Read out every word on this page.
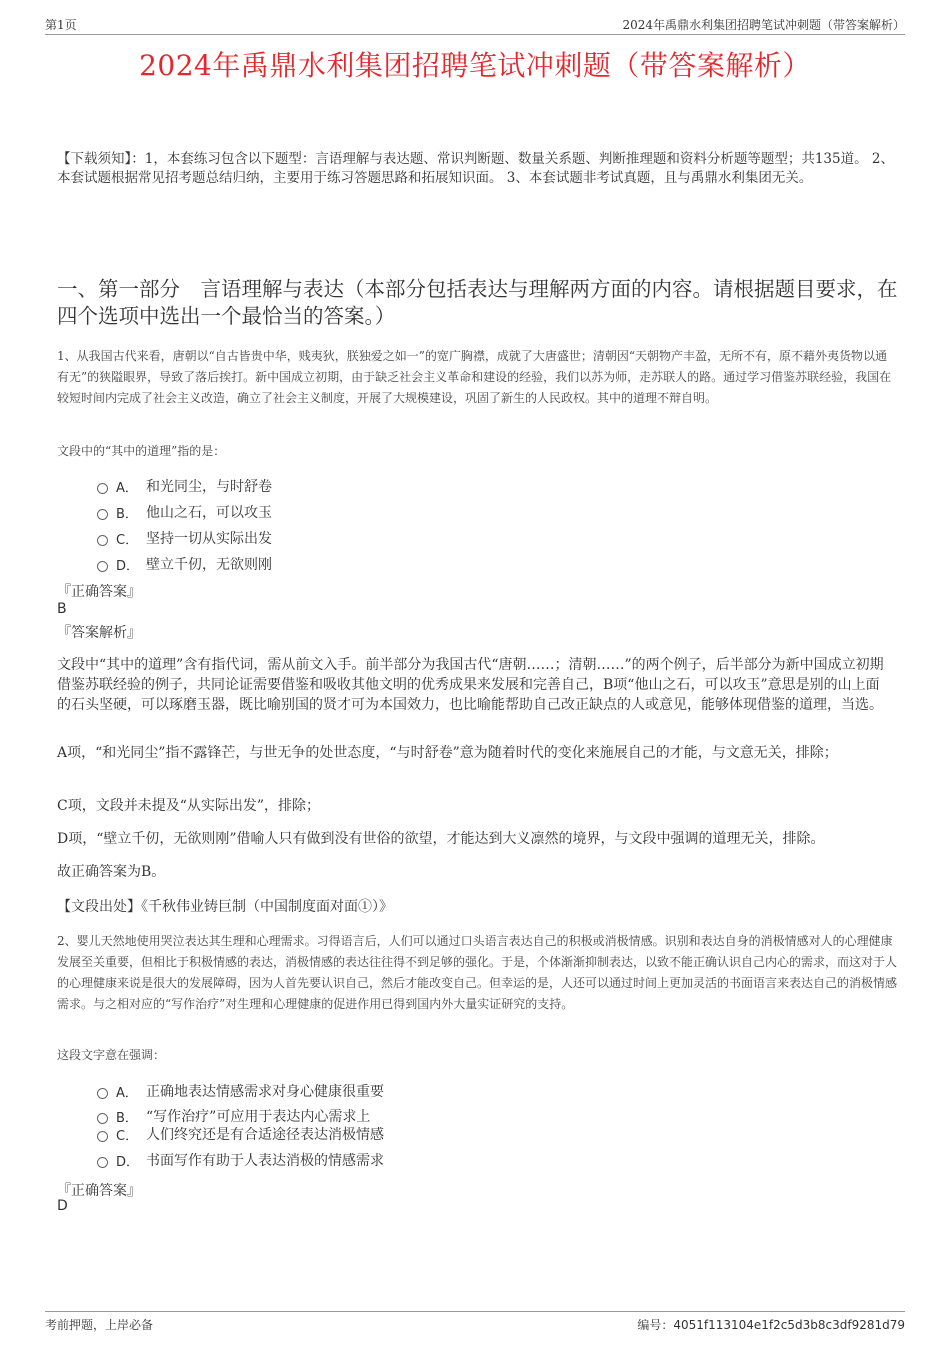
第1页	2024年禹鼎水利集团招聘笔试冲刺题（带答案解析）
2024年禹鼎水利集团招聘笔试冲刺题（带答案解析）
【下载须知】：1，本套练习包含以下题型：言语理解与表达题、常识判断题、数量关系题、判断推理题和资料分析题等题型；共135道。 2、本套试题根据常见招考题总结归纳，主要用于练习答题思路和拓展知识面。 3、本套试题非考试真题，且与禹鼎水利集团无关。
一、第一部分　言语理解与表达（本部分包括表达与理解两方面的内容。请根据题目要求，在四个选项中选出一个最恰当的答案。）
1、从我国古代来看，唐朝以“自古皆贵中华，贱夷狄，朕独爱之如一”的宽广胸襟，成就了大唐盛世；清朝因“天朝物产丰盈，无所不有，原不藉外夷货物以通有无”的狭隘眼界，导致了落后挨打。新中国成立初期，由于缺乏社会主义革命和建设的经验，我们以苏为师，走苏联人的路。通过学习借鉴苏联经验，我国在较短时间内完成了社会主义改造，确立了社会主义制度，开展了大规模建设，巩固了新生的人民政权。其中的道理不辩自明。
文段中的“其中的道理”指的是：
A． 和光同尘，与时舒卷
B． 他山之石，可以攻玉
C． 坚持一切从实际出发
D． 壁立千仞，无欲则刚
『正确答案』
B
『答案解析』
文段中“其中的道理”含有指代词，需从前文入手。前半部分为我国古代“唐朝……；清朝……”的两个例子，后半部分为新中国成立初期借鉴苏联经验的例子，共同论证需要借鉴和吸收其他文明的优秀成果来发展和完善自己，B项“他山之石，可以攻玉”意思是别的山上面的石头坚硬，可以琢磨玉器，既比喻别国的贤才可为本国效力，也比喻能帮助自己改正缺点的人或意见，能够体现借鉴的道理，当选。
A项，“和光同尘”指不露锋芒，与世无争的处世态度，“与时舒卷”意为随着时代的变化来施展自己的才能，与文意无关，排除；
C项，文段并未提及“从实际出发”，排除；
D项，“壁立千仞，无欲则刚”借喻人只有做到没有世俗的欲望，才能达到大义凛然的境界，与文段中强调的道理无关，排除。
故正确答案为B。
【文段出处】《千秋伟业铸巨制（中国制度面对面①）》
2、婴儿天然地使用哭泣表达其生理和心理需求。习得语言后，人们可以通过口头语言表达自己的积极或消极情感。识别和表达自身的消极情感对人的心理健康发展至关重要，但相比于积极情感的表达，消极情感的表达往往得不到足够的强化。于是，个体渐渐抑制表达，以致不能正确认识自己内心的需求，而这对于人的心理健康来说是很大的发展障碍，因为人首先要认识自己，然后才能改变自己。但幸运的是，人还可以通过时间上更加灵活的书面语言来表达自己的消极情感需求。与之相对应的“写作治疗”对生理和心理健康的促进作用已得到国内外大量实证研究的支持。
这段文字意在强调：
A． 正确地表达情感需求对身心健康很重要
B． “写作治疗”可应用于表达内心需求上
C． 人们终究还是有合适途径表达消极情感
D． 书面写作有助于人表达消极的情感需求
『正确答案』
D
考前押题，上岸必备	编号：4051f113104e1f2c5d3b8c3df9281d79
